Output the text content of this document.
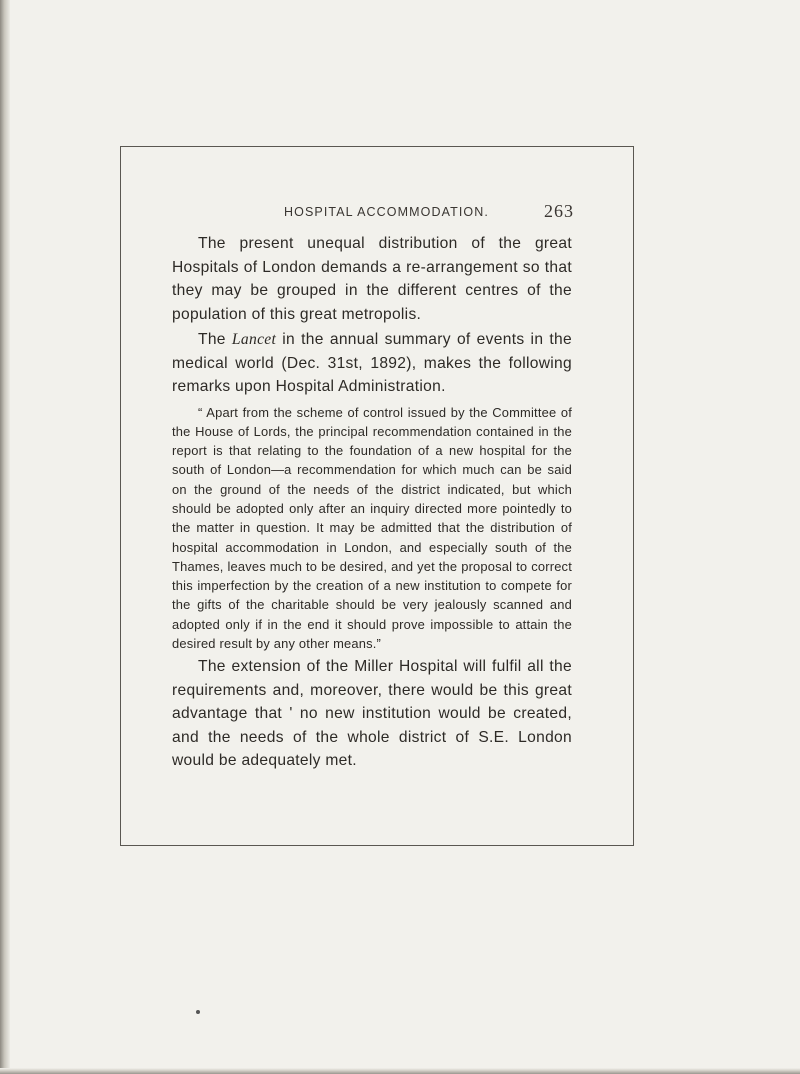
HOSPITAL ACCOMMODATION.	263

The present unequal distribution of the great Hospitals of London demands a re-arrangement so that they may be grouped in the different centres of the population of this great metropolis.

The Lancet in the annual summary of events in the medical world (Dec. 31st, 1892), makes the following remarks upon Hospital Administration.

“ Apart from the scheme of control issued by the Committee of the House of Lords, the principal recommendation contained in the report is that relating to the foundation of a new hospital for the south of London—a recommendation for which much can be said on the ground of the needs of the district indicated, but which should be adopted only after an inquiry directed more pointedly to the matter in question. It may be admitted that the distribution of hospital accommodation in London, and especially south of the Thames, leaves much to be desired, and yet the proposal to correct this imperfection by the creation of a new institution to compete for the gifts of the charitable should be very jealously scanned and adopted only if in the end it should prove impossible to attain the desired result by any other means.”

The extension of the Miller Hospital will fulfil all the requirements and, moreover, there would be this great advantage that ' no new institution would be created, and the needs of the whole district of S.E. London would be adequately met.
